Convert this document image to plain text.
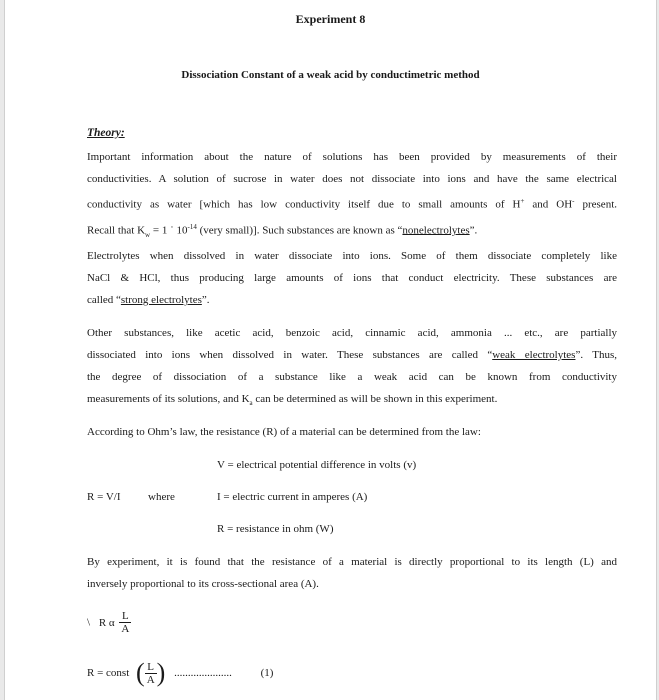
Experiment 8
Dissociation Constant of a weak acid by conductimetric method
Theory:
Important information about the nature of solutions has been provided by measurements of their
conductivities. A solution of sucrose in water does not dissociate into ions and have the same electrical
conductivity as water [which has low conductivity itself due to small amounts of H+ and OH- present.
Recall that $K_w = 1$ ˙ $10^{-14}$ (very small)]. Such substances are known as “nonelectrolytes”.
Electrolytes when dissolved in water dissociate into ions. Some of them dissociate completely like
NaCl & HCl, thus producing large amounts of ions that conduct electricity. These substances are
called “strong electrolytes”.
Other substances, like acetic acid, benzoic acid, cinnamic acid, ammonia ... etc., are partially
dissociated into ions when dissolved in water. These substances are called “weak electrolytes”. Thus,
the degree of dissociation of a substance like a weak acid can be known from conductivity
measurements of its solutions, and $K_a$ can be determined as will be shown in this experiment.
According to Ohm’s law, the resistance (R) of a material can be determined from the law:
V = electrical potential difference in volts (v)
R = V/I where	I = electric current in amperes (A)
R = resistance in ohm (W)
By experiment, it is found that the resistance of a material is directly proportional to its length (L) and
inversely proportional to its cross-sectional area (A).
\ R α $\frac{L}{A}$
R = const ( $\frac{L}{A}$ ) .....................	(1)
